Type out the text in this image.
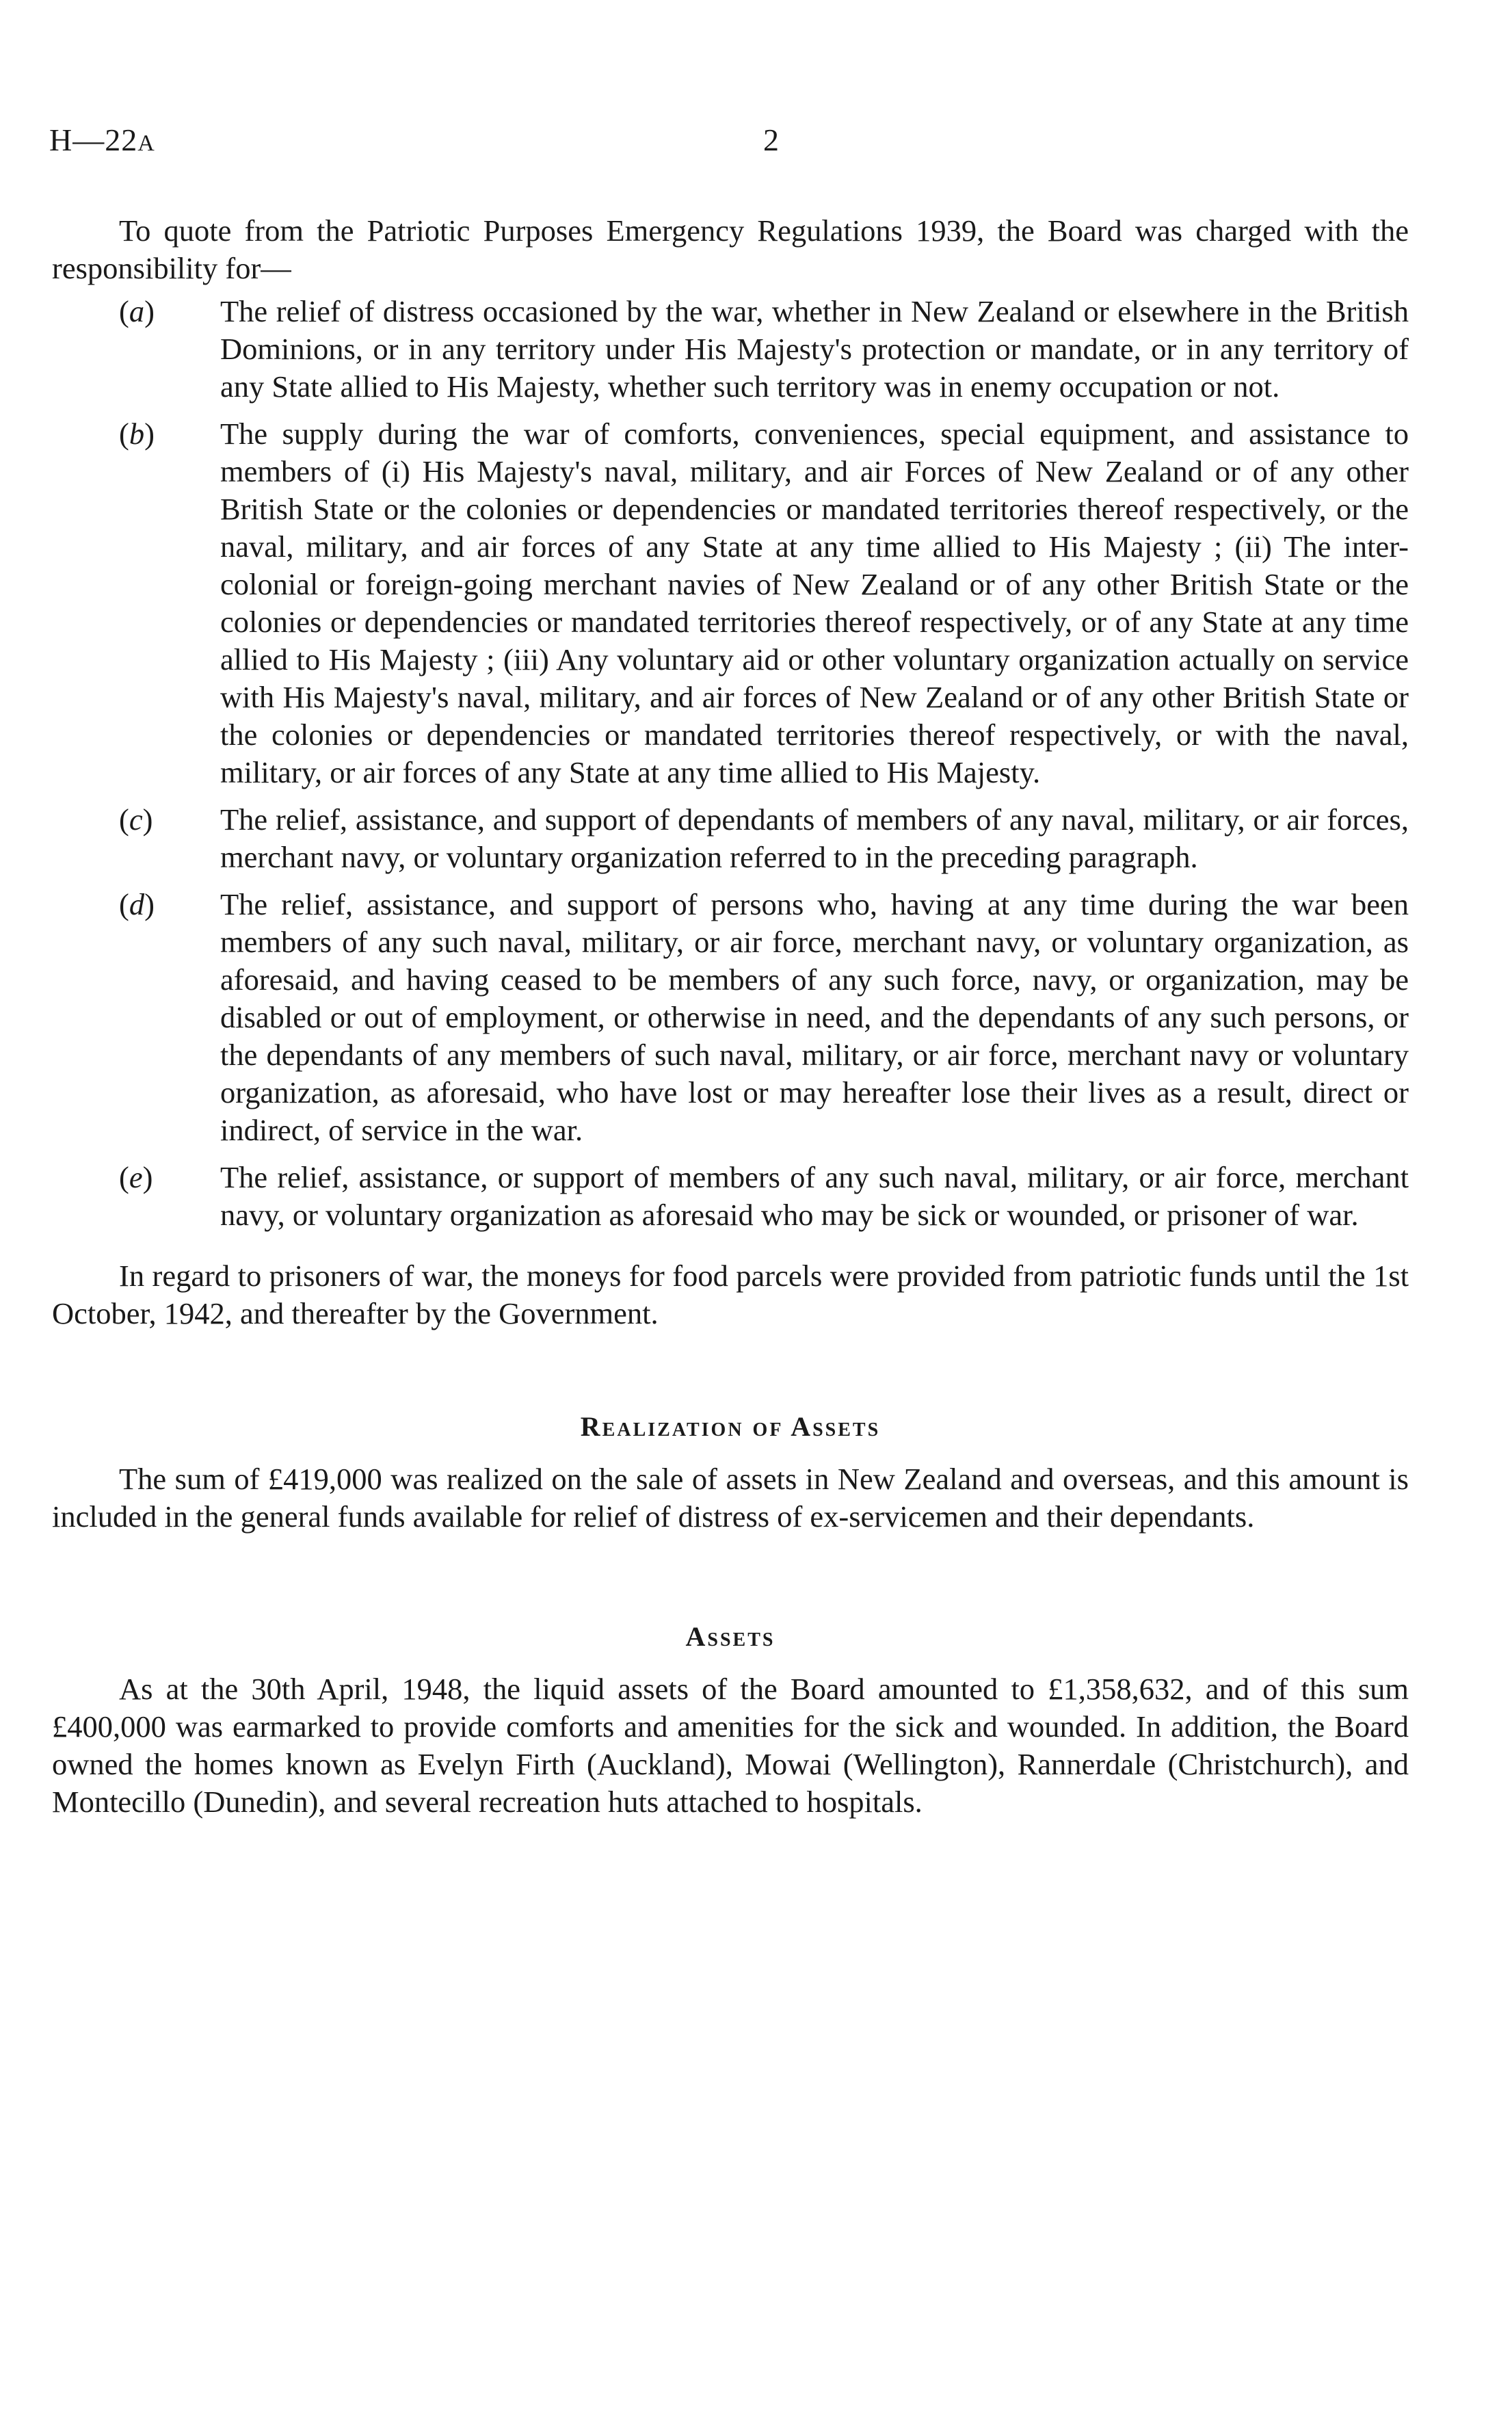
H—22A	2

To quote from the Patriotic Purposes Emergency Regulations 1939, the Board was charged with the responsibility for—

(a) The relief of distress occasioned by the war, whether in New Zealand or elsewhere in the British Dominions, or in any territory under His Majesty's protection or mandate, or in any territory of any State allied to His Majesty, whether such territory was in enemy occupation or not.
(b) The supply during the war of comforts, conveniences, special equipment, and assistance to members of (i) His Majesty's naval, military, and air Forces of New Zealand or of any other British State or the colonies or dependencies or mandated territories thereof respectively, or the naval, military, and air forces of any State at any time allied to His Majesty ; (ii) The inter-colonial or foreign-going merchant navies of New Zealand or of any other British State or the colonies or dependencies or mandated territories thereof respectively, or of any State at any time allied to His Majesty ; (iii) Any voluntary aid or other voluntary organization actually on service with His Majesty's naval, military, and air forces of New Zealand or of any other British State or the colonies or dependencies or mandated territories thereof respectively, or with the naval, military, or air forces of any State at any time allied to His Majesty.
(c) The relief, assistance, and support of dependants of members of any naval, military, or air forces, merchant navy, or voluntary organization referred to in the preceding paragraph.
(d) The relief, assistance, and support of persons who, having at any time during the war been members of any such naval, military, or air force, merchant navy, or voluntary organization, as aforesaid, and having ceased to be members of any such force, navy, or organization, may be disabled or out of employment, or otherwise in need, and the dependants of any such persons, or the dependants of any members of such naval, military, or air force, merchant navy or voluntary organization, as aforesaid, who have lost or may hereafter lose their lives as a result, direct or indirect, of service in the war.
(e) The relief, assistance, or support of members of any such naval, military, or air force, merchant navy, or voluntary organization as aforesaid who may be sick or wounded, or prisoner of war.

In regard to prisoners of war, the moneys for food parcels were provided from patriotic funds until the 1st October, 1942, and thereafter by the Government.

Realization of Assets

The sum of £419,000 was realized on the sale of assets in New Zealand and overseas, and this amount is included in the general funds available for relief of distress of ex-servicemen and their dependants.

Assets

As at the 30th April, 1948, the liquid assets of the Board amounted to £1,358,632, and of this sum £400,000 was earmarked to provide comforts and amenities for the sick and wounded. In addition, the Board owned the homes known as Evelyn Firth (Auckland), Mowai (Wellington), Rannerdale (Christchurch), and Montecillo (Dunedin), and several recreation huts attached to hospitals.
